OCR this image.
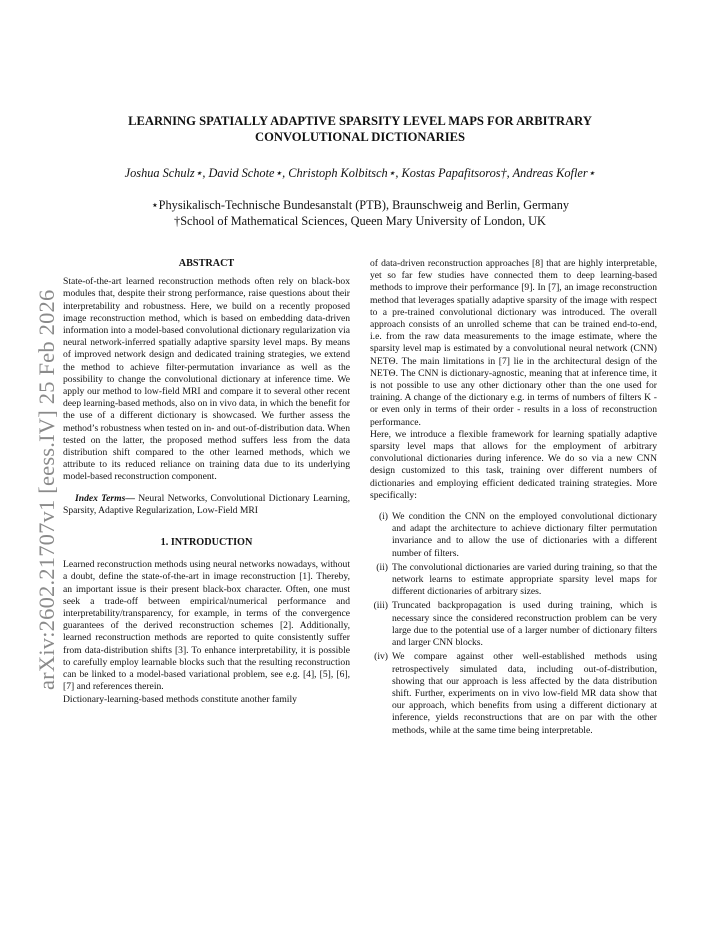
arXiv:2602.21707v1 [eess.IV] 25 Feb 2026
LEARNING SPATIALLY ADAPTIVE SPARSITY LEVEL MAPS FOR ARBITRARY CONVOLUTIONAL DICTIONARIES
Joshua Schulz⋆, David Schote⋆, Christoph Kolbitsch⋆, Kostas Papafitsoros†, Andreas Kofler⋆
⋆Physikalisch-Technische Bundesanstalt (PTB), Braunschweig and Berlin, Germany
†School of Mathematical Sciences, Queen Mary University of London, UK
ABSTRACT

State-of-the-art learned reconstruction methods often rely on black-box modules that, despite their strong performance, raise questions about their interpretability and robustness. Here, we build on a recently proposed image reconstruction method, which is based on embedding data-driven information into a model-based convolutional dictionary regularization via neural network-inferred spatially adaptive sparsity level maps. By means of improved network design and dedicated training strategies, we extend the method to achieve filter-permutation invariance as well as the possibility to change the convolutional dictionary at inference time. We apply our method to low-field MRI and compare it to several other recent deep learning-based methods, also on in vivo data, in which the benefit for the use of a different dictionary is showcased. We further assess the method’s robustness when tested on in- and out-of-distribution data. When tested on the latter, the proposed method suffers less from the data distribution shift compared to the other learned methods, which we attribute to its reduced reliance on training data due to its underlying model-based reconstruction component.

Index Terms— Neural Networks, Convolutional Dictionary Learning, Sparsity, Adaptive Regularization, Low-Field MRI

1. INTRODUCTION

Learned reconstruction methods using neural networks nowadays, without a doubt, define the state-of-the-art in image reconstruction [1]. Thereby, an important issue is their present black-box character. Often, one must seek a trade-off between empirical/numerical performance and interpretability/transparency, for example, in terms of the convergence guarantees of the derived reconstruction schemes [2]. Additionally, learned reconstruction methods are reported to quite consistently suffer from data-distribution shifts [3]. To enhance interpretability, it is possible to carefully employ learnable blocks such that the resulting reconstruction can be linked to a model-based variational problem, see e.g. [4], [5], [6], [7] and references therein.

Dictionary-learning-based methods constitute another family

of data-driven reconstruction approaches [8] that are highly interpretable, yet so far few studies have connected them to deep learning-based methods to improve their performance [9]. In [7], an image reconstruction method that leverages spatially adaptive sparsity of the image with respect to a pre-trained convolutional dictionary was introduced. The overall approach consists of an unrolled scheme that can be trained end-to-end, i.e. from the raw data measurements to the image estimate, where the sparsity level map is estimated by a convolutional neural network (CNN) NETΘ. The main limitations in [7] lie in the architectural design of the NETΘ. The CNN is dictionary-agnostic, meaning that at inference time, it is not possible to use any other dictionary other than the one used for training. A change of the dictionary e.g. in terms of numbers of filters K - or even only in terms of their order - results in a loss of reconstruction performance.

Here, we introduce a flexible framework for learning spatially adaptive sparsity level maps that allows for the employment of arbitrary convolutional dictionaries during inference. We do so via a new CNN design customized to this task, training over different numbers of dictionaries and employing efficient dedicated training strategies. More specifically:

(i) We condition the CNN on the employed convolutional dictionary and adapt the architecture to achieve dictionary filter permutation invariance and to allow the use of dictionaries with a different number of filters.
(ii) The convolutional dictionaries are varied during training, so that the network learns to estimate appropriate sparsity level maps for different dictionaries of arbitrary sizes.
(iii) Truncated backpropagation is used during training, which is necessary since the considered reconstruction problem can be very large due to the potential use of a larger number of dictionary filters and larger CNN blocks.
(iv) We compare against other well-established methods using retrospectively simulated data, including out-of-distribution, showing that our approach is less affected by the data distribution shift. Further, experiments on in vivo low-field MR data show that our approach, which benefits from using a different dictionary at inference, yields reconstructions that are on par with the other methods, while at the same time being interpretable.
